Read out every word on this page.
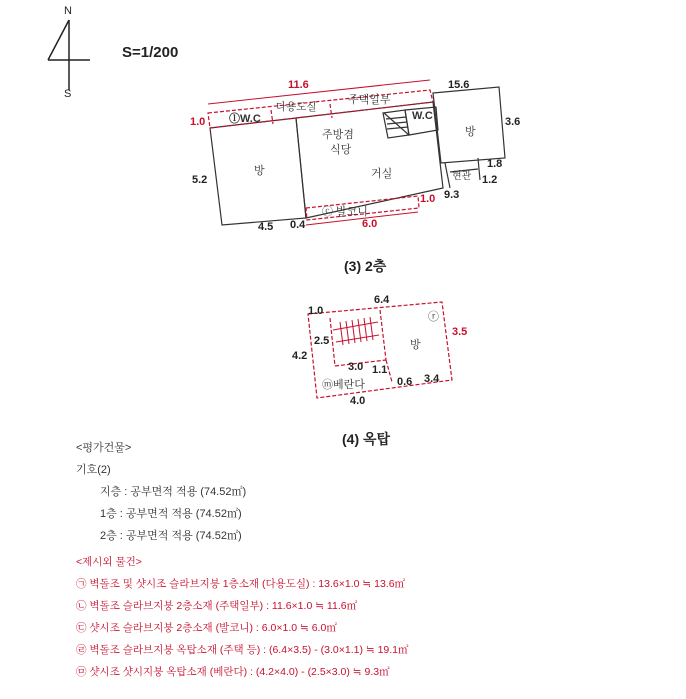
N
S
S=1/200
11.6	15.6
1.0
5.2
3.6
1.8
1.2
4.5 0.4	6.0
1.0 9.3
ⓛW.C
다용도실
주택일부
W.C
방
방
주방겸
식당
거실	현관
ⓒ 발코니
(3) 2층
6.4
1.0
3.5
4.2
2.5
3.0 1.1
0.6 3.4
4.0
방
ⓡ
ⓜ베란다
(4) 옥탑
<평가건물>
기호(2)
지층 : 공부면적 적용 (74.52㎡)
1층 : 공부면적 적용 (74.52㎡)
2층 : 공부면적 적용 (74.52㎡)
<제시외 물건>
㉠ 벽돌조 및 샷시조 슬라브지붕 1층소재 (다용도실) : 13.6×1.0 ≒ 13.6㎡
㉡ 벽돌조 슬라브지붕 2층소재 (주택일부) : 11.6×1.0 ≒ 11.6㎡
㉢ 샷시조 슬라브지붕 2층소재 (발코니) : 6.0×1.0 ≒ 6.0㎡
㉣ 벽돌조 슬라브지붕 옥탑소재 (주택 등) : (6.4×3.5) - (3.0×1.1) ≒ 19.1㎡
㉤ 샷시조 샷시지붕 옥탑소재 (베란다) : (4.2×4.0) - (2.5×3.0) ≒ 9.3㎡
